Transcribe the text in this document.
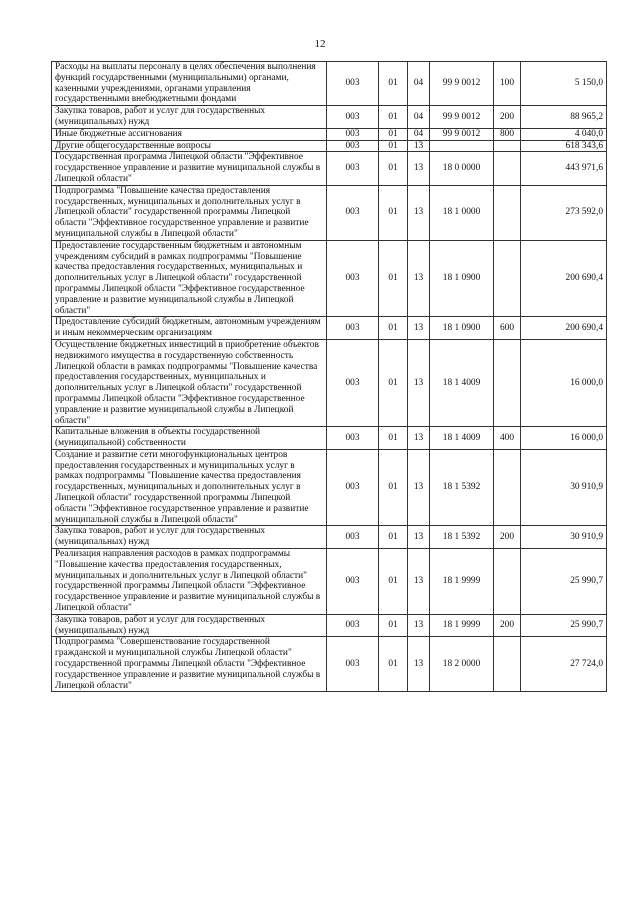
12
Расходы на выплаты персоналу в целях обеспечения выполнения функций государственными (муниципальными) органами, казенными учреждениями, органами управления государственными внебюджетными фондами	003	01	04	99 9 0012	100	5 150,0
Закупка товаров, работ и услуг для государственных (муниципальных) нужд	003	01	04	99 9 0012	200	88 965,2
Иные бюджетные ассигнования	003	01	04	99 9 0012	800	4 040,0
Другие общегосударственные вопросы	003	01	13			618 343,6
Государственная программа Липецкой области "Эффективное государственное управление и развитие муниципальной службы в Липецкой области"	003	01	13	18 0 0000		443 971,6
Подпрограмма "Повышение качества предоставления государственных, муниципальных и дополнительных услуг в Липецкой области" государственной программы Липецкой области "Эффективное государственное управление и развитие муниципальной службы в Липецкой области"	003	01	13	18 1 0000		273 592,0
Предоставление государственным бюджетным и автономным учреждениям субсидий в рамках подпрограммы "Повышение качества предоставления государственных, муниципальных и дополнительных услуг в Липецкой области" государственной программы Липецкой области "Эффективное государственное управление и развитие муниципальной службы в Липецкой области"	003	01	13	18 1 0900		200 690,4
Предоставление субсидий бюджетным, автономным учреждениям и иным некоммерческим организациям	003	01	13	18 1 0900	600	200 690,4
Осуществление бюджетных инвестиций в приобретение объектов недвижимого имущества в государственную собственность Липецкой области в рамках подпрограммы "Повышение качества предоставления государственных, муниципальных и дополнительных услуг в Липецкой области" государственной программы Липецкой области "Эффективное государственное управление и развитие муниципальной службы в Липецкой области"	003	01	13	18 1 4009		16 000,0
Капитальные вложения в объекты государственной (муниципальной) собственности	003	01	13	18 1 4009	400	16 000,0
Создание и развитие сети многофункциональных центров предоставления государственных и муниципальных услуг в рамках подпрограммы "Повышение качества предоставления государственных, муниципальных и дополнительных услуг в Липецкой области" государственной программы Липецкой области "Эффективное государственное управление и развитие муниципальной службы в Липецкой области"	003	01	13	18 1 5392		30 910,9
Закупка товаров, работ и услуг для государственных (муниципальных) нужд	003	01	13	18 1 5392	200	30 910,9
Реализация направления расходов в рамках подпрограммы "Повышение качества предоставления государственных, муниципальных и дополнительных услуг в Липецкой области" государственной программы Липецкой области "Эффективное государственное управление и развитие муниципальной службы в Липецкой области"	003	01	13	18 1 9999		25 990,7
Закупка товаров, работ и услуг для государственных (муниципальных) нужд	003	01	13	18 1 9999	200	25 990,7
Подпрограмма "Совершенствование государственной гражданской и муниципальной службы Липецкой области" государственной программы Липецкой области "Эффективное государственное управление и развитие муниципальной службы в Липецкой области"	003	01	13	18 2 0000		27 724,0
